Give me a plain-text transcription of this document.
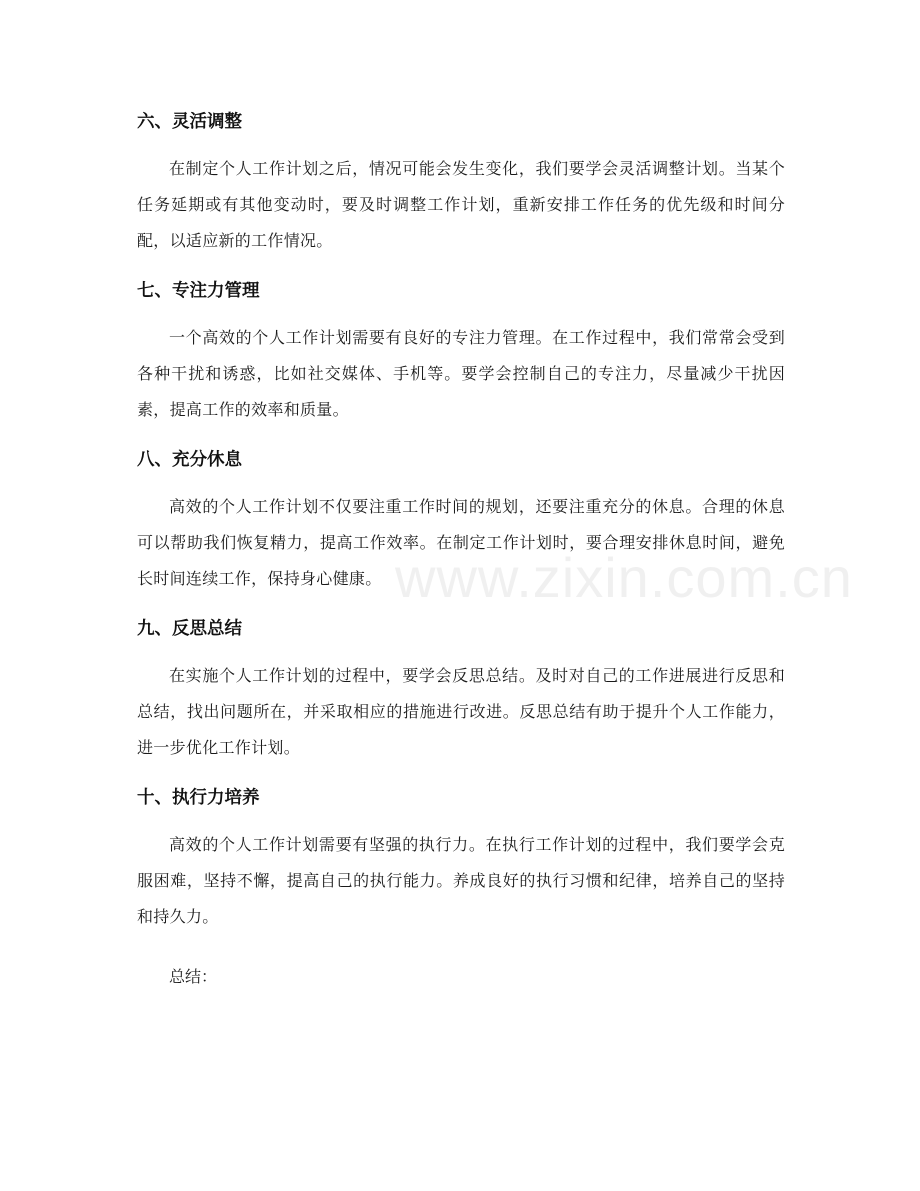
六、灵活调整

在制定个人工作计划之后，情况可能会发生变化，我们要学会灵活调整计划。当某个任务延期或有其他变动时，要及时调整工作计划，重新安排工作任务的优先级和时间分配，以适应新的工作情况。

七、专注力管理

一个高效的个人工作计划需要有良好的专注力管理。在工作过程中，我们常常会受到各种干扰和诱惑，比如社交媒体、手机等。要学会控制自己的专注力，尽量减少干扰因素，提高工作的效率和质量。

八、充分休息

高效的个人工作计划不仅要注重工作时间的规划，还要注重充分的休息。合理的休息可以帮助我们恢复精力，提高工作效率。在制定工作计划时，要合理安排休息时间，避免长时间连续工作，保持身心健康。

九、反思总结

在实施个人工作计划的过程中，要学会反思总结。及时对自己的工作进展进行反思和总结，找出问题所在，并采取相应的措施进行改进。反思总结有助于提升个人工作能力，进一步优化工作计划。

十、执行力培养

高效的个人工作计划需要有坚强的执行力。在执行工作计划的过程中，我们要学会克服困难，坚持不懈，提高自己的执行能力。养成良好的执行习惯和纪律，培养自己的坚持和持久力。

总结：

www.zixin.com.cn
